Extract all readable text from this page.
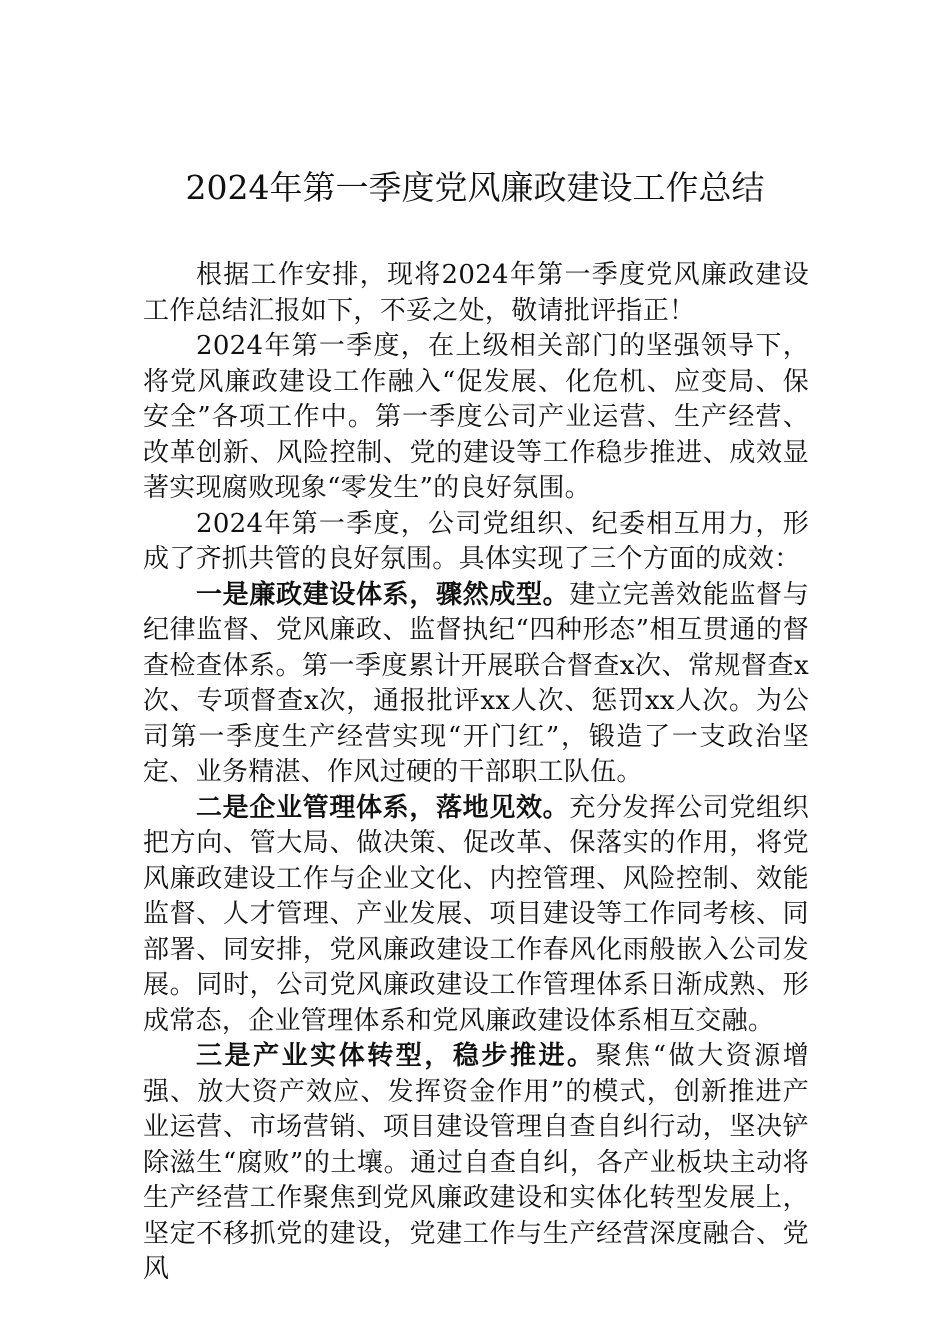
2024年第一季度党风廉政建设工作总结

根据工作安排，现将2024年第一季度党风廉政建设工作总结汇报如下，不妥之处，敬请批评指正！

2024年第一季度，在上级相关部门的坚强领导下，将党风廉政建设工作融入“促发展、化危机、应变局、保安全”各项工作中。第一季度公司产业运营、生产经营、改革创新、风险控制、党的建设等工作稳步推进、成效显著实现腐败现象“零发生”的良好氛围。

2024年第一季度，公司党组织、纪委相互用力，形成了齐抓共管的良好氛围。具体实现了三个方面的成效：

一是廉政建设体系，骤然成型。建立完善效能监督与纪律监督、党风廉政、监督执纪“四种形态”相互贯通的督查检查体系。第一季度累计开展联合督查x次、常规督查x次、专项督查x次，通报批评xx人次、惩罚xx人次。为公司第一季度生产经营实现“开门红”，锻造了一支政治坚定、业务精湛、作风过硬的干部职工队伍。

二是企业管理体系，落地见效。充分发挥公司党组织把方向、管大局、做决策、促改革、保落实的作用，将党风廉政建设工作与企业文化、内控管理、风险控制、效能监督、人才管理、产业发展、项目建设等工作同考核、同部署、同安排，党风廉政建设工作春风化雨般嵌入公司发展。同时，公司党风廉政建设工作管理体系日渐成熟、形成常态，企业管理体系和党风廉政建设体系相互交融。

三是产业实体转型，稳步推进。聚焦“做大资源增强、放大资产效应、发挥资金作用”的模式，创新推进产业运营、市场营销、项目建设管理自查自纠行动，坚决铲除滋生“腐败”的土壤。通过自查自纠，各产业板块主动将生产经营工作聚焦到党风廉政建设和实体化转型发展上，坚定不移抓党的建设，党建工作与生产经营深度融合、党风
